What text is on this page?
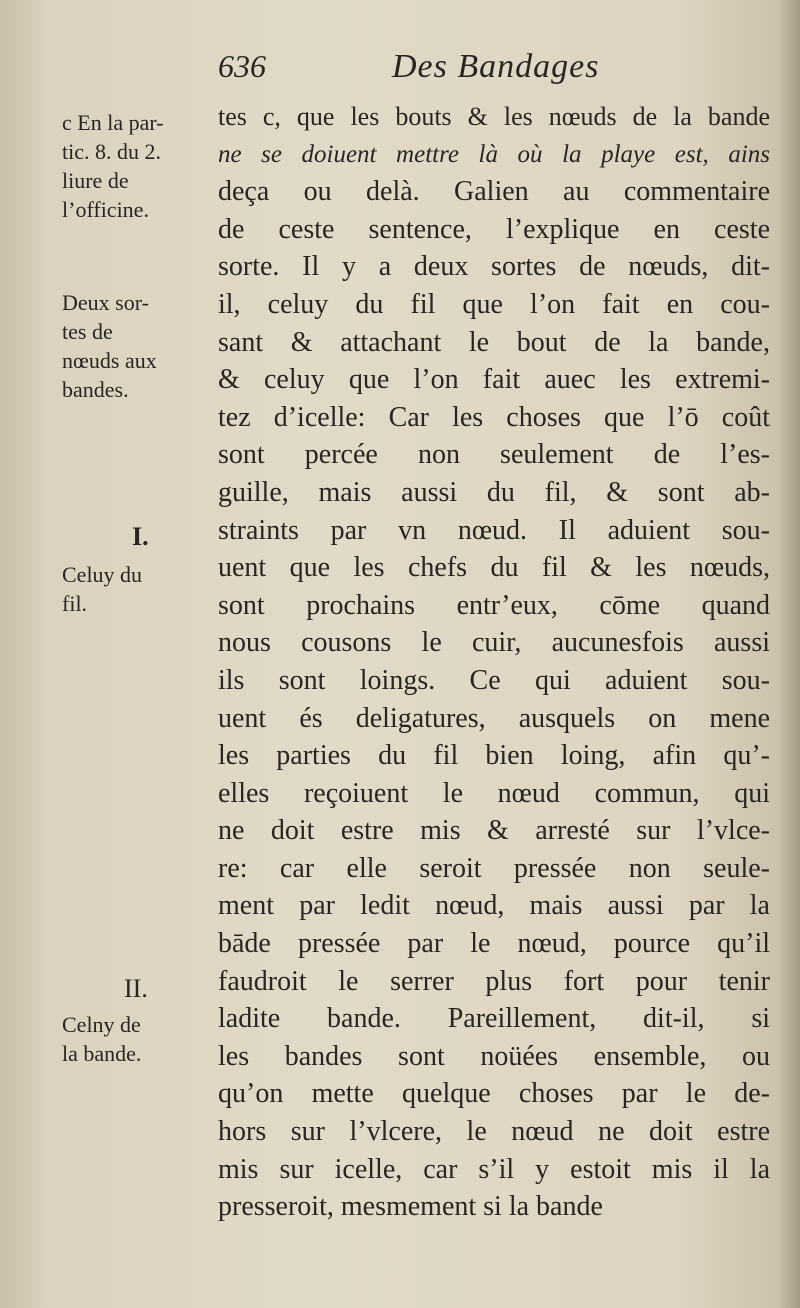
636	Des Bandages
tes c, que les bouts & les nœuds de la bande
ne se doiuent mettre là où la playe est, ains
deça ou delà. Galien au commentaire
de ceste sentence, l’explique en ceste
sorte. Il y a deux sortes de nœuds, dit-
il, celuy du fil que l’on fait en cou-
sant & attachant le bout de la bande,
& celuy que l’on fait auec les extremi-
tez d’icelle: Car les choses que l’ō coût
sont percée non seulement de l’es-
guille, mais aussi du fil, & sont ab-
straints par vn nœud. Il aduient sou-
uent que les chefs du fil & les nœuds,
sont prochains entr’eux, cōme quand
nous cousons le cuir, aucunesfois aussi
ils sont loings. Ce qui aduient sou-
uent és deligatures, ausquels on mene
les parties du fil bien loing, afin qu’-
elles reçoiuent le nœud commun, qui
ne doit estre mis & arresté sur l’vlce-
re: car elle seroit pressée non seule-
ment par ledit nœud, mais aussi par la
bāde pressée par le nœud, pource qu’il
faudroit le serrer plus fort pour tenir
ladite bande. Pareillement, dit-il, si
les bandes sont noüées ensemble, ou
qu’on mette quelque choses par le de-
hors sur l’vlcere, le nœud ne doit estre
mis sur icelle, car s’il y estoit mis il la
presseroit, mesmement si la bande
c En la par-
tic. 8. du 2.
liure de
l’officine.
Deux sor-
tes de
nœuds aux
bandes.
I.
Celuy du
fil.
II.
Celny de
la bande.
